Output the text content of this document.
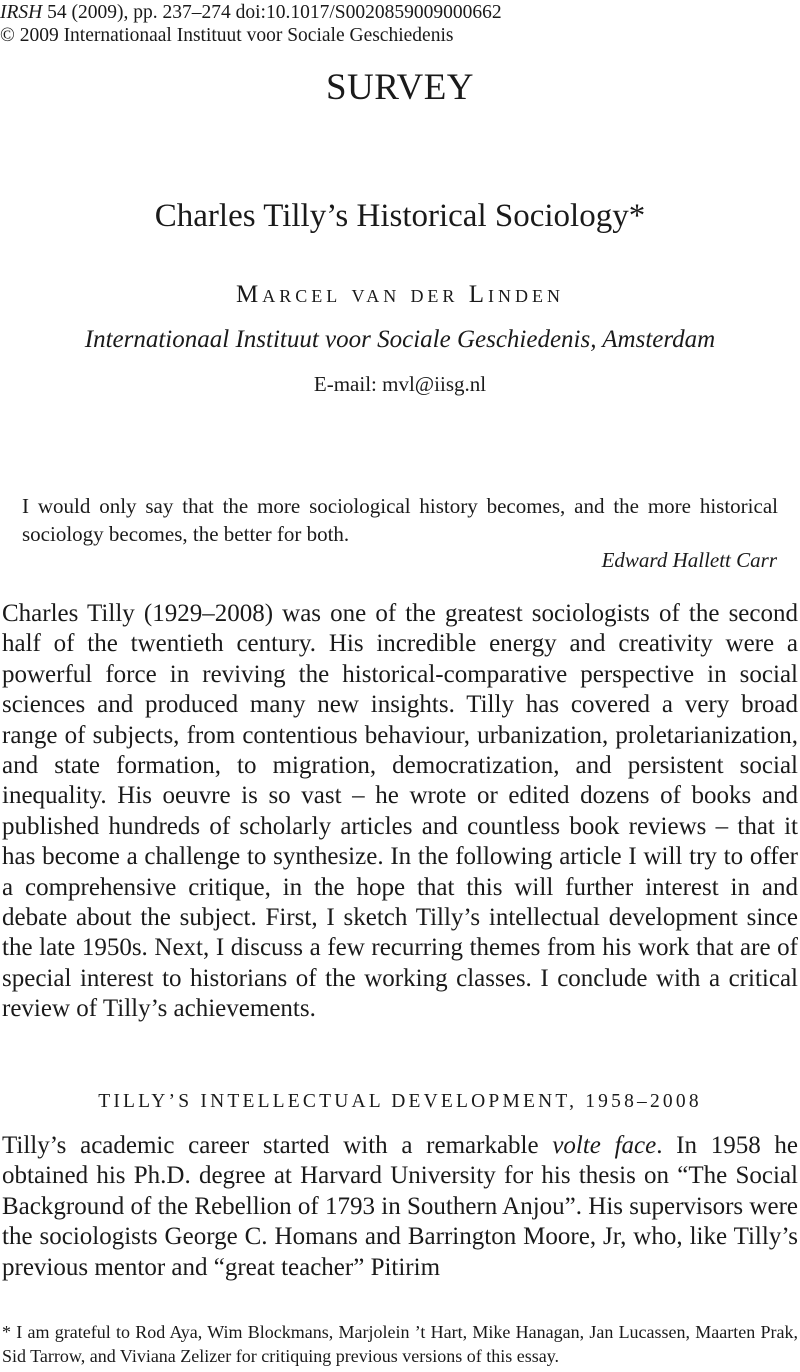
IRSH 54 (2009), pp. 237–274 doi:10.1017/S0020859009000662
© 2009 Internationaal Instituut voor Sociale Geschiedenis
SURVEY
Charles Tilly’s Historical Sociology*
Marcel van der Linden
Internationaal Instituut voor Sociale Geschiedenis, Amsterdam
E-mail: mvl@iisg.nl
I would only say that the more sociological history becomes, and the more historical sociology becomes, the better for both.
Edward Hallett Carr
Charles Tilly (1929–2008) was one of the greatest sociologists of the second half of the twentieth century. His incredible energy and creativity were a powerful force in reviving the historical-comparative perspective in social sciences and produced many new insights. Tilly has covered a very broad range of subjects, from contentious behaviour, urbanization, proletarianization, and state formation, to migration, democratization, and persistent social inequality. His oeuvre is so vast – he wrote or edited dozens of books and published hundreds of scholarly articles and countless book reviews – that it has become a challenge to synthesize. In the following article I will try to offer a comprehensive critique, in the hope that this will further interest in and debate about the subject. First, I sketch Tilly’s intellectual development since the late 1950s. Next, I discuss a few recurring themes from his work that are of special interest to historians of the working classes. I conclude with a critical review of Tilly’s achievements.
TILLY’S INTELLECTUAL DEVELOPMENT, 1958–2008
Tilly’s academic career started with a remarkable volte face. In 1958 he obtained his Ph.D. degree at Harvard University for his thesis on “The Social Background of the Rebellion of 1793 in Southern Anjou”. His supervisors were the sociologists George C. Homans and Barrington Moore, Jr, who, like Tilly’s previous mentor and “great teacher” Pitirim
* I am grateful to Rod Aya, Wim Blockmans, Marjolein ’t Hart, Mike Hanagan, Jan Lucassen, Maarten Prak, Sid Tarrow, and Viviana Zelizer for critiquing previous versions of this essay.
